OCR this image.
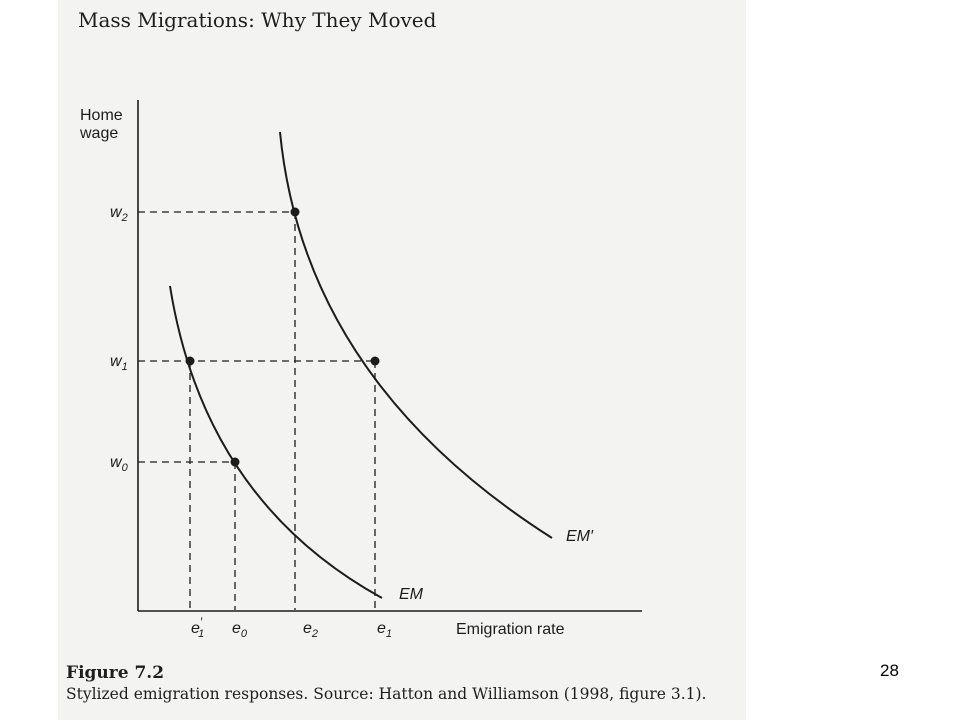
Mass Migrations: Why They Moved
Home
wage
$w_2$
$w_1$
$w_0$
e′ 1 $e_0$	$e_2$	$e_1$	Emigration rate
EM
EM′
Figure 7.2
Stylized emigration responses. Source: Hatton and Williamson (1998, figure 3.1).
28
